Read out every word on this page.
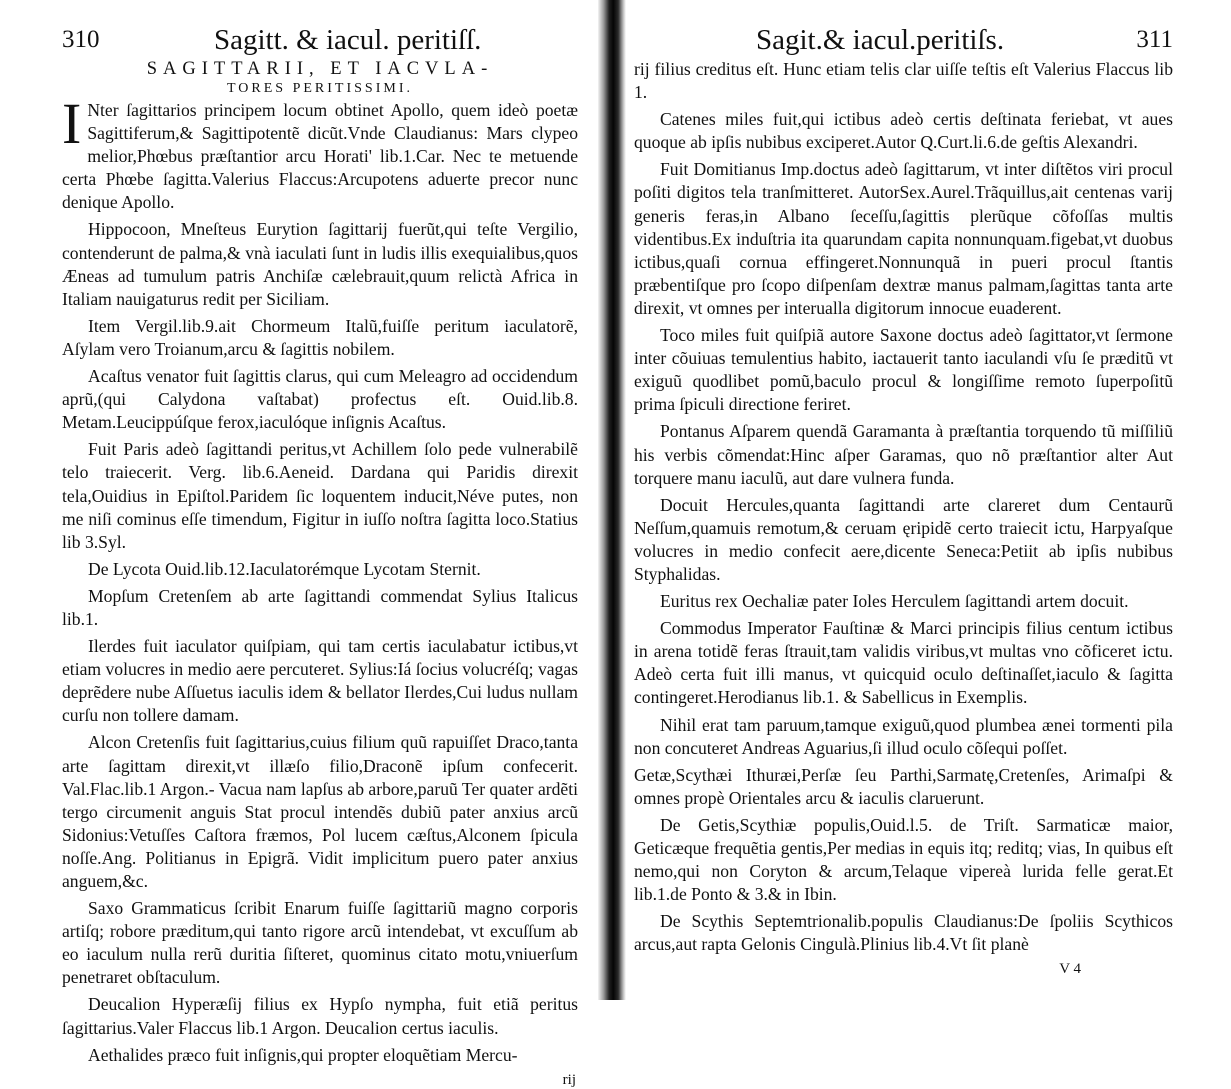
310	Sagitt. & iacul. peritiſſ.
SAGITTARII, ET IACVLA-
TORES PERITISSIMI.

INter ſagittarios principem locum obtinet Apollo, quem ideò poetæ Sagittiferum,& Sagittipotentẽ dicũt.Vnde Claudianus: Mars clypeo melior,Phœbus præſtantior arcu Horati' lib.1.Car. Nec te metuende certa Phœbe ſagitta.Valerius Flaccus:Arcupotens aduerte precor nunc denique Apollo.

Hippocoon, Mneſteus Eurytion ſagittarij fuerũt,qui teſte Vergilio, contenderunt de palma,& vnà iaculati ſunt in ludis illis exequialibus,quos Æneas ad tumulum patris Anchiſæ cælebrauit,quum relictà Africa in Italiam nauigaturus redit per Siciliam.

Item Vergil.lib.9.ait Chormeum Italũ,fuiſſe peritum iaculatorẽ, Aſylam vero Troianum,arcu & ſagittis nobilem.

Acaſtus venator fuit ſagittis clarus, qui cum Meleagro ad occidendum aprũ,(qui Calydona vaſtabat) profectus eſt. Ouid.lib.8. Metam.Leucippúſque ferox,iaculóque inſignis Acaſtus.

Fuit Paris adeò ſagittandi peritus,vt Achillem ſolo pede vulnerabilẽ telo traiecerit. Verg. lib.6.Aeneid. Dardana qui Paridis direxit tela,Ouidius in Epiſtol.Paridem ſic loquentem inducit,Néve putes, non me niſi cominus eſſe timendum, Figitur in iuſſo noſtra ſagitta loco.Statius lib 3.Syl.

De Lycota Ouid.lib.12.Iaculatorémque Lycotam Sternit.

Mopſum Cretenſem ab arte ſagittandi commendat Sylius Italicus lib.1.

Ilerdes fuit iaculator quiſpiam, qui tam certis iaculabatur ictibus,vt etiam volucres in medio aere percuteret. Sylius:Iá ſocius volucréſq; vagas deprẽdere nube Aſſuetus iaculis idem & bellator Ilerdes,Cui ludus nullam curſu non tollere damam.

Alcon Cretenſis fuit ſagittarius,cuius filium quũ rapuiſſet Draco,tanta arte ſagittam direxit,vt illæſo filio,Draconẽ ipſum confecerit. Val.Flac.lib.1 Argon.- Vacua nam lapſus ab arbore,paruũ Ter quater ardẽti tergo circumenit anguis Stat procul intendẽs dubiũ pater anxius arcũ Sidonius:Vetuſſes Caſtora fræmos, Pol lucem cæſtus,Alconem ſpicula noſſe.Ang. Politianus in Epigrã. Vidit implicitum puero pater anxius anguem,&c.

Saxo Grammaticus ſcribit Enarum fuiſſe ſagittariũ magno corporis artiſq; robore præditum,qui tanto rigore arcũ intendebat, vt excuſſum ab eo iaculum nulla rerũ duritia ſiſteret, quominus citato motu,vniuerſum penetraret obſtaculum.

Deucalion Hyperæſij filius ex Hypſo nympha, fuit etiã peritus ſagittarius.Valer Flaccus lib.1 Argon. Deucalion certus iaculis.

Aethalides præco fuit inſignis,qui propter eloquẽtiam Mercu-

rij

Sagit.& iacul.peritiſs.	311

rij filius creditus eſt. Hunc etiam telis clar uiſſe teſtis eſt Valerius Flaccus lib 1.

Catenes miles fuit,qui ictibus adeò certis deſtinata feriebat, vt aues quoque ab ipſis nubibus exciperet.Autor Q.Curt.li.6.de geſtis Alexandri.

Fuit Domitianus Imp.doctus adeò ſagittarum, vt inter diſtẽtos viri procul poſiti digitos tela tranſmitteret. AutorSex.Aurel.Trãquillus,ait centenas varij generis feras,in Albano ſeceſſu,ſagittis plerũque cõfoſſas multis videntibus.Ex induſtria ita quarundam capita nonnunquam.figebat,vt duobus ictibus,quaſi cornua effingeret.Nonnunquã in pueri procul ſtantis præbentiſque pro ſcopo diſpenſam dextræ manus palmam,ſagittas tanta arte direxit, vt omnes per interualla digitorum innocue euaderent.

Toco miles fuit quiſpiã autore Saxone doctus adeò ſagittator,vt ſermone inter cõuiuas temulentius habito, iactauerit tanto iaculandi vſu ſe præditũ vt exiguũ quodlibet pomũ,baculo procul & longiſſime remoto ſuperpoſitũ prima ſpiculi directione feriret.

Pontanus Aſparem quendã Garamanta à præſtantia torquendo tũ miſſiliũ his verbis cõmendat:Hinc aſper Garamas, quo nõ præſtantior alter Aut torquere manu iaculũ, aut dare vulnera funda.

Docuit Hercules,quanta ſagittandi arte clareret dum Centaurũ Neſſum,quamuis remotum,& ceruam ęripidẽ certo traiecit ictu, Harpyaſque volucres in medio confecit aere,dicente Seneca:Petiit ab ipſis nubibus Styphalidas.

Euritus rex Oechaliæ pater Ioles Herculem ſagittandi artem docuit.

Commodus Imperator Fauſtinæ & Marci principis filius centum ictibus in arena totidẽ feras ſtrauit,tam validis viribus,vt multas vno cõficeret ictu. Adeò certa fuit illi manus, vt quicquid oculo deſtinaſſet,iaculo & ſagitta contingeret.Herodianus lib.1. & Sabellicus in Exemplis.

Nihil erat tam paruum,tamque exiguũ,quod plumbea ænei tormenti pila non concuteret Andreas Aguarius,ſi illud oculo cõſequi poſſet.

Getæ,Scythæi Ithuræi,Perſæ ſeu Parthi,Sarmatę,Cretenſes, Arimaſpi & omnes propè Orientales arcu & iaculis claruerunt.

De Getis,Scythiæ populis,Ouid.l.5. de Triſt. Sarmaticæ maior, Geticæque frequẽtia gentis,Per medias in equis itq; reditq; vias, In quibus eſt nemo,qui non Coryton & arcum,Telaque vipereà lurida felle gerat.Et lib.1.de Ponto & 3.& in Ibin.

De Scythis Septemtrionalib.populis Claudianus:De ſpoliis Scythicos arcus,aut rapta Gelonis Cingulà.Plinius lib.4.Vt ſit planè

V 4
